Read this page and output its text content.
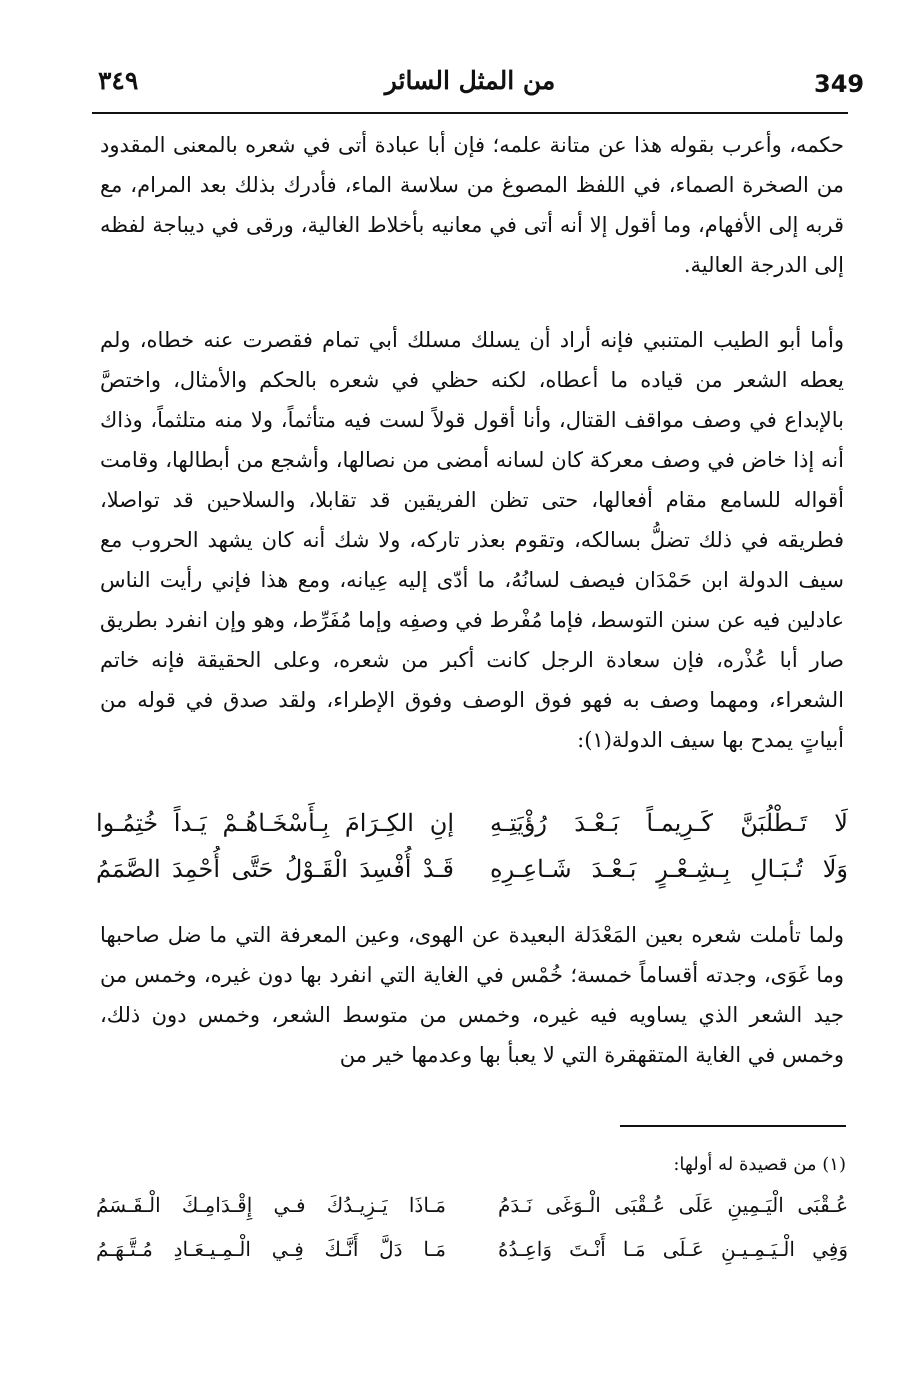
349
من المثل السائر
٣٤٩
حكمه، وأعرب بقوله هذا عن متانة علمه؛ فإن أبا عبادة أتى في شعره بالمعنى المقدود من الصخرة الصماء، في اللفظ المصوغ من سلاسة الماء، فأدرك بذلك بعد المرام، مع قربه إلى الأفهام، وما أقول إلا أنه أتى في معانيه بأخلاط الغالية، ورقى في ديباجة لفظه إلى الدرجة العالية.
وأما أبو الطيب المتنبي فإنه أراد أن يسلك مسلك أبي تمام فقصرت عنه خطاه، ولم يعطه الشعر من قياده ما أعطاه، لكنه حظي في شعره بالحكم والأمثال، واختصَّ بالإبداع في وصف مواقف القتال، وأنا أقول قولاً لست فيه متأثماً، ولا منه متلثماً، وذاك أنه إذا خاض في وصف معركة كان لسانه أمضى من نصالها، وأشجع من أبطالها، وقامت أقواله للسامع مقام أفعالها، حتى تظن الفريقين قد تقابلا، والسلاحين قد تواصلا، فطريقه في ذلك تضلُّ بسالكه، وتقوم بعذر تاركه، ولا شك أنه كان يشهد الحروب مع سيف الدولة ابن حَمْدَان فيصف لسانُهُ، ما أدّى إليه عِيانه، ومع هذا فإني رأيت الناس عادلين فيه عن سنن التوسط، فإما مُفْرط في وصفِه وإما مُفَرِّط، وهو وإن انفرد بطريق صار أبا عُذْره، فإن سعادة الرجل كانت أكبر من شعره، وعلى الحقيقة فإنه خاتم الشعراء، ومهما وصف به فهو فوق الوصف وفوق الإطراء، ولقد صدق في قوله من أبياتٍ يمدح بها سيف الدولة(١):
لَا تَـطْلُبَنَّ كَـرِيمـاً بَـعْـدَ رُؤْيَتِـهِ
إنِ الكِـرَامَ بِـأَسْخَـاهُـمْ يَـداً خُتِمُـوا
وَلَا تُـبَـالِ بِـشِـعْـرٍ بَـعْـدَ شَـاعِـرِهِ
قَـدْ أُفْسِدَ الْقَـوْلُ حَتَّى أُحْمِدَ الصَّمَمُ
ولما تأملت شعره بعين المَعْدَلة البعيدة عن الهوى، وعين المعرفة التي ما ضل صاحبها وما غَوَى، وجدته أقساماً خمسة؛ خُمْس في الغاية التي انفرد بها دون غيره، وخمس من جيد الشعر الذي يساويه فيه غيره، وخمس من متوسط الشعر، وخمس دون ذلك، وخمس في الغاية المتقهقرة التي لا يعبأ بها وعدمها خير من
(١) من قصيدة له أولها:
عُـقْبَى الْيَـمِينِ عَلَى عُـقْبَى الْـوَغَى نَـدَمُ
مَـاذَا يَـزِيـدُكَ فـي إِقْـدَامِـكَ الْـقَـسَمُ
وَفِي الْـيَـمِـيـنِ عَـلَى مَـا أَنْـتَ وَاعِـدُهُ
مَـا دَلَّ أَنَّـكَ فِـي الْـمِـيـعَـادِ مُـتَّـهَـمُ
